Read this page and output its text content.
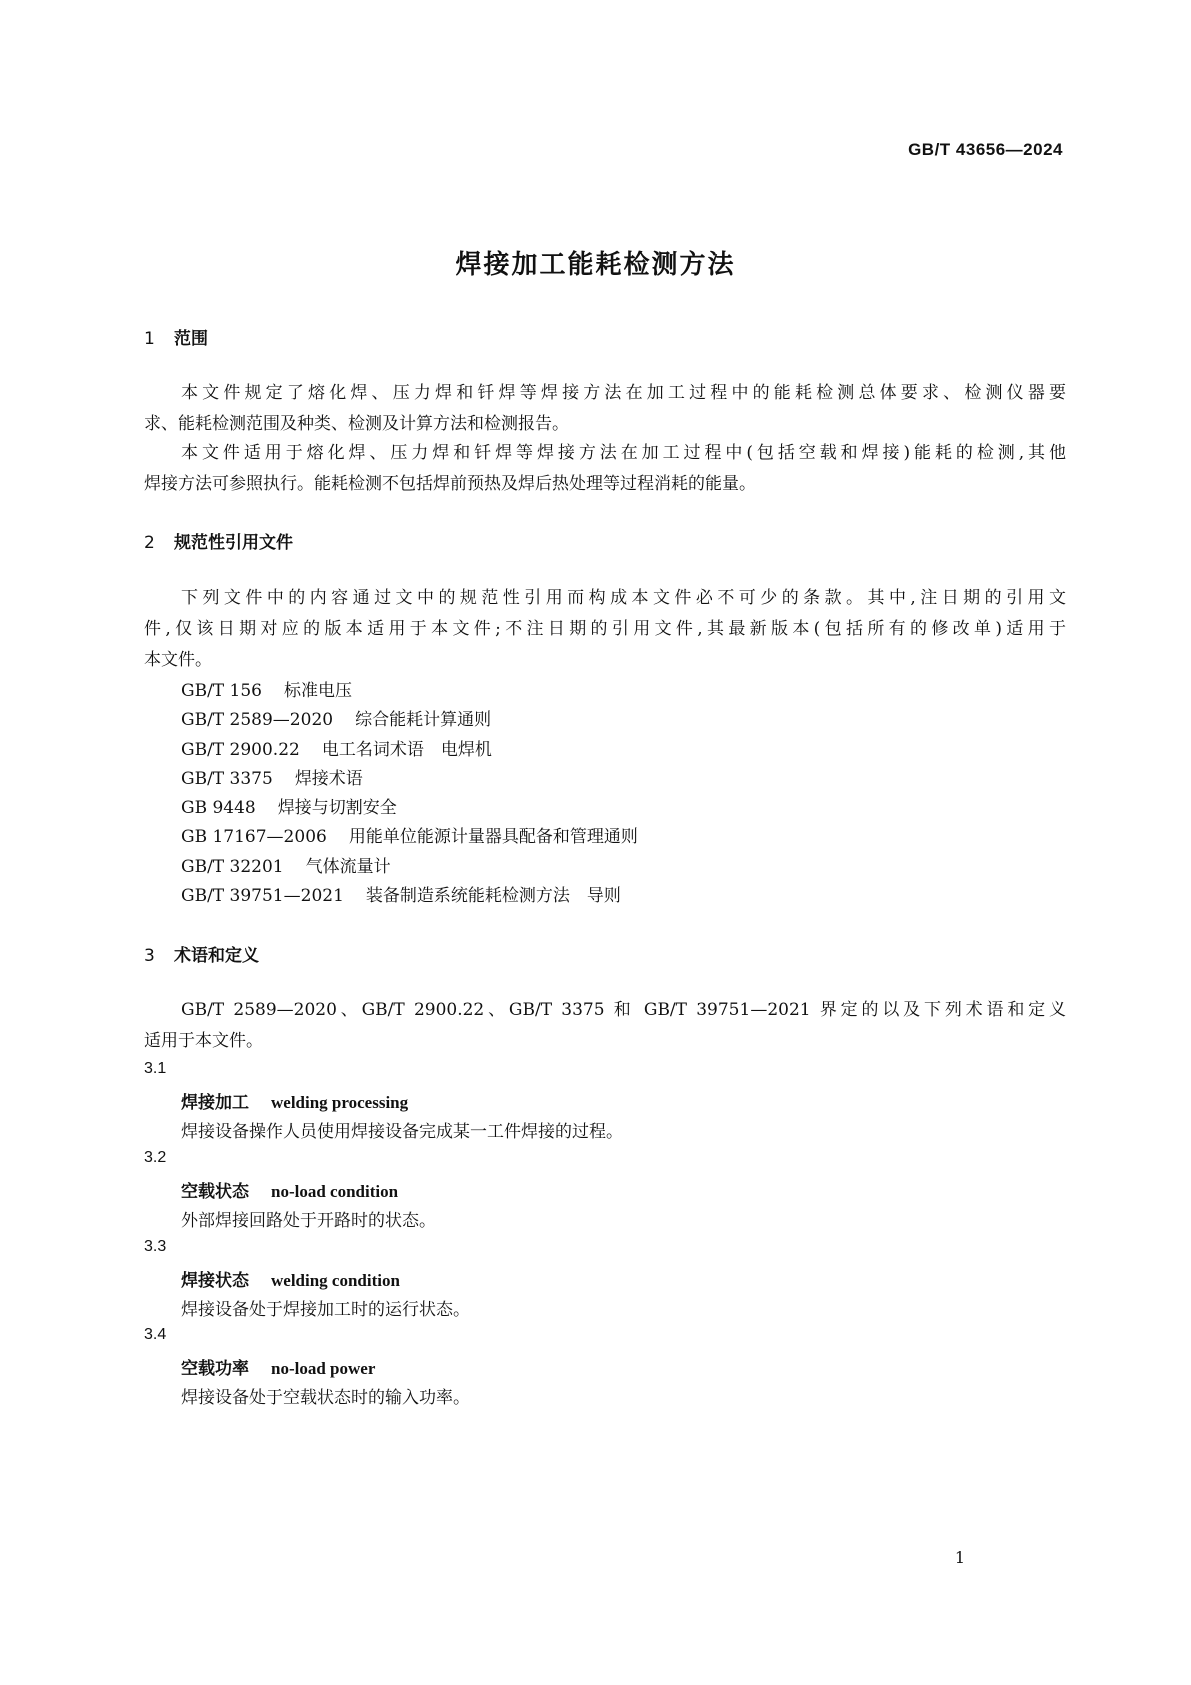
GB/T 43656—2024
焊接加工能耗检测方法
1 范围
本文件规定了熔化焊、压力焊和钎焊等焊接方法在加工过程中的能耗检测总体要求、检测仪器要
求、能耗检测范围及种类、检测及计算方法和检测报告。
本文件适用于熔化焊、压力焊和钎焊等焊接方法在加工过程中(包括空载和焊接)能耗的检测,其他
焊接方法可参照执行。能耗检测不包括焊前预热及焊后热处理等过程消耗的能量。
2 规范性引用文件
下列文件中的内容通过文中的规范性引用而构成本文件必不可少的条款。其中,注日期的引用文
件,仅该日期对应的版本适用于本文件;不注日期的引用文件,其最新版本(包括所有的修改单)适用于
本文件。
GB/T 156 标准电压
GB/T 2589—2020 综合能耗计算通则
GB/T 2900.22 电工名词术语　电焊机
GB/T 3375 焊接术语
GB 9448 焊接与切割安全
GB 17167—2006 用能单位能源计量器具配备和管理通则
GB/T 32201 气体流量计
GB/T 39751—2021 装备制造系统能耗检测方法　导则
3 术语和定义
GB/T 2589—2020、GB/T 2900.22、GB/T 3375 和 GB/T 39751—2021 界定的以及下列术语和定义
适用于本文件。
3.1
焊接加工 welding processing
焊接设备操作人员使用焊接设备完成某一工件焊接的过程。
3.2
空载状态 no-load condition
外部焊接回路处于开路时的状态。
3.3
焊接状态 welding condition
焊接设备处于焊接加工时的运行状态。
3.4
空载功率 no-load power
焊接设备处于空载状态时的输入功率。
1
